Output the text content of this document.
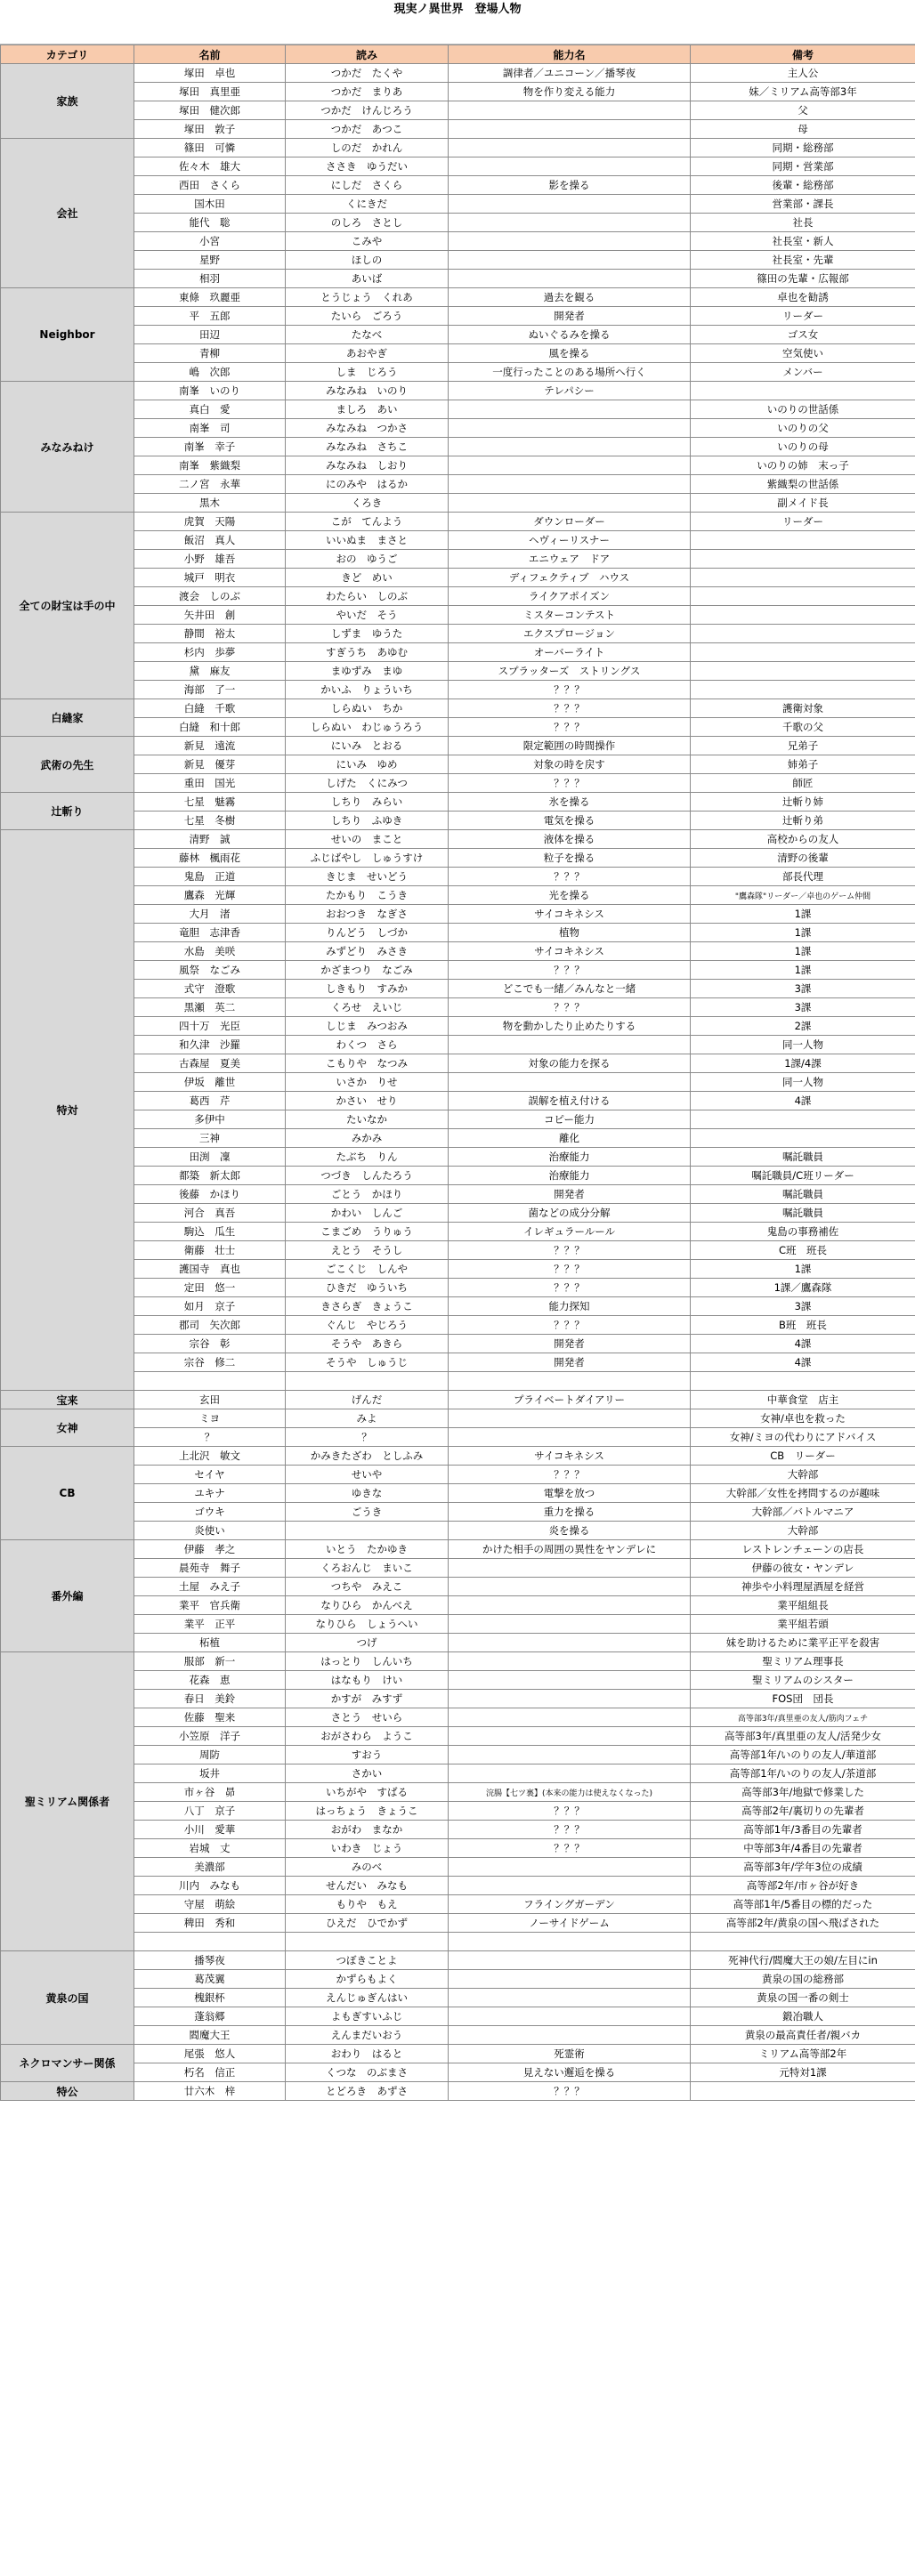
現実ノ異世界　登場人物
カテゴリ	名前	読み	能力名	備考
家族	塚田　卓也	つかだ　たくや	調律者／ユニコーン／播琴夜	主人公
	塚田　真里亜	つかだ　まりあ	物を作り変える能力	妹／ミリアム高等部3年
	塚田　健次郎	つかだ　けんじろう		父
	塚田　敦子	つかだ　あつこ		母
会社	篠田　可憐	しのだ　かれん		同期・総務部
	佐々木　雄大	ささき　ゆうだい		同期・営業部
	西田　さくら	にしだ　さくら	影を操る	後輩・総務部
	国木田	くにきだ		営業部・課長
	能代　聡	のしろ　さとし		社長
	小宮	こみや		社長室・新人
	星野	ほしの		社長室・先輩
	相羽	あいば		篠田の先輩・広報部
Neighbor	東條　玖麗亜	とうじょう　くれあ	過去を観る	卓也を勧誘
	平　五郎	たいら　ごろう	開発者	リーダー
	田辺	たなべ	ぬいぐるみを操る	ゴス女
	青柳	あおやぎ	風を操る	空気使い
	嶋　次郎	しま　じろう	一度行ったことのある場所へ行く	メンバー
みなみねけ	南峯　いのり	みなみね　いのり	テレパシー	
	真白　愛	ましろ　あい		いのりの世話係
	南峯　司	みなみね　つかさ		いのりの父
	南峯　幸子	みなみね　さちこ		いのりの母
	南峯　紫織梨	みなみね　しおり		いのりの姉　末っ子
	二ノ宮　永華	にのみや　はるか		紫織梨の世話係
	黒木	くろき		副メイド長
全ての財宝は手の中	虎賀　天陽	こが　てんよう	ダウンローダー	リーダー
	飯沼　真人	いいぬま　まさと	ヘヴィーリスナー	
	小野　雄吾	おの　ゆうご	エニウェア　ドア	
	城戸　明衣	きど　めい	ディフェクティブ　ハウス	
	渡会　しのぶ	わたらい　しのぶ	ライクアポイズン	
	矢井田　創	やいだ　そう	ミスターコンテスト	
	静間　裕太	しずま　ゆうた	エクスプロージョン	
	杉内　歩夢	すぎうち　あゆむ	オーバーライト	
	黛　麻友	まゆずみ　まゆ	スプラッターズ　ストリングス	
	海部　了一	かいふ　りょういち	？？？	
白縫家	白縫　千歌	しらぬい　ちか	？？？	護衛対象
	白縫　和十郎	しらぬい　わじゅうろう	？？？	千歌の父
武術の先生	新見　遠流	にいみ　とおる	限定範囲の時間操作	兄弟子
	新見　優芽	にいみ　ゆめ	対象の時を戻す	姉弟子
	重田　国光	しげた　くにみつ	？？？	師匠
辻斬り	七星　魅霧	しちり　みらい	氷を操る	辻斬り姉
	七星　冬樹	しちり　ふゆき	電気を操る	辻斬り弟
特対	清野　誠	せいの　まこと	液体を操る	高校からの友人
	藤林　楓雨花	ふじばやし　しゅうすけ	粒子を操る	清野の後輩
	鬼島　正道	きじま　せいどう	？？？	部長代理
	鷹森　光輝	たかもり　こうき	光を操る	"鷹森隊"リーダー／卓也のゲーム仲間
	大月　渚	おおつき　なぎさ	サイコキネシス	1課
	竜胆　志津香	りんどう　しづか	植物	1課
	水島　美咲	みずどり　みさき	サイコキネシス	1課
	風祭　なごみ	かざまつり　なごみ	？？？	1課
	式守　澄歌	しきもり　すみか	どこでも一緒／みんなと一緒	3課
	黒瀬　英二	くろせ　えいじ	？？？	3課
	四十万　光臣	しじま　みつおみ	物を動かしたり止めたりする	2課
	和久津　沙羅	わくつ　さら		同一人物
	古森屋　夏美	こもりや　なつみ	対象の能力を探る	1課/4課
	伊坂　離世	いさか　りせ		同一人物
	葛西　芹	かさい　せり	誤解を植え付ける	4課
	多伊中	たいなか	コピー能力	
	三神	みかみ	離化	
	田渕　凜	たぶち　りん	治療能力	嘱託職員
	都築　新太郎	つづき　しんたろう	治療能力	嘱託職員/C班リーダー
	後藤　かほり	ごとう　かほり	開発者	嘱託職員
	河合　真吾	かわい　しんご	菌などの成分分解	嘱託職員
	駒込　瓜生	こまごめ　うりゅう	イレギュラールール	鬼島の事務補佐
	衛藤　壮士	えとう　そうし	？？？	C班　班長
	護国寺　真也	ごこくじ　しんや	？？？	1課
	定田　悠一	ひきだ　ゆういち	？？？	1課／鷹森隊
	如月　京子	きさらぎ　きょうこ	能力探知	3課
	郡司　矢次郎	ぐんじ　やじろう	？？？	B班　班長
	宗谷　彰	そうや　あきら	開発者	4課
	宗谷　修二	そうや　しゅうじ	開発者	4課

宝来	玄田	げんだ	プライベートダイアリー	中華食堂　店主
女神	ミヨ	みよ		女神/卓也を救った
	？	？		女神/ミヨの代わりにアドバイス
CB	上北沢　敏文	かみきたざわ　としふみ	サイコキネシス	CB　リーダー
	セイヤ	せいや	？？？	大幹部
	ユキナ	ゆきな	電撃を放つ	大幹部／女性を拷問するのが趣味
	ゴウキ	ごうき	重力を操る	大幹部／バトルマニア
	炎使い		炎を操る	大幹部
番外編	伊藤　孝之	いとう　たかゆき	かけた相手の周囲の異性をヤンデレに	レストレンチェーンの店長
	晨苑寺　舞子	くろおんじ　まいこ		伊藤の彼女・ヤンデレ
	土屋　みえ子	つちや　みえこ		神歩や小料理屋酒屋を経営
	業平　官兵衛	なりひら　かんべえ		業平組組長
	業平　正平	なりひら　しょうへい		業平組若頭
	柘植	つげ		妹を助けるために業平正平を殺害
聖ミリアム関係者	服部　新一	はっとり　しんいち		聖ミリアム理事長
	花森　恵	はなもり　けい		聖ミリアムのシスター
	春日　美鈴	かすが　みすず		FOS団　団長
	佐藤　聖来	さとう　せいら		高等部3年/真里亜の友人/筋肉フェチ
	小笠原　洋子	おがさわら　ようこ		高等部3年/真里亜の友人/活発少女
	周防	すおう		高等部1年/いのりの友人/華道部
	坂井	さかい		高等部1年/いのりの友人/茶道部
	市ヶ谷　昴	いちがや　すばる	浣腸【七ツ裏】(本来の能力は使えなくなった)	高等部3年/地獄で修業した
	八丁　京子	はっちょう　きょうこ	？？？	高等部2年/裏切りの先輩者
	小川　愛華	おがわ　まなか	？？？	高等部1年/3番目の先輩者
	岩城　丈	いわき　じょう	？？？	中等部3年/4番目の先輩者
	美濃部	みのべ		高等部3年/学年3位の成績
	川内　みなも	せんだい　みなも		高等部2年/市ヶ谷が好き
	守屋　萌絵	もりや　もえ	フライングガーデン	高等部1年/5番目の標的だった
	稗田　秀和	ひえだ　ひでかず	ノーサイドゲーム	高等部2年/黄泉の国へ飛ばされた

黄泉の国	播琴夜	つぼきことよ		死神代行/閻魔大王の娘/左目にin
	葛茂翼	かずらもよく		黄泉の国の総務部
	槐銀杯	えんじゅぎんはい		黄泉の国一番の剣士
	蓬翁郷	よもぎすいふじ		鍛冶職人
	閻魔大王	えんまだいおう		黄泉の最高責任者/親バカ
ネクロマンサー関係	尾張　悠人	おわり　はると	死霊術	ミリアム高等部2年
	朽名　信正	くつな　のぶまさ	見えない邂逅を操る	元特対1課
特公	廿六木　梓	とどろき　あずさ	？？？	
